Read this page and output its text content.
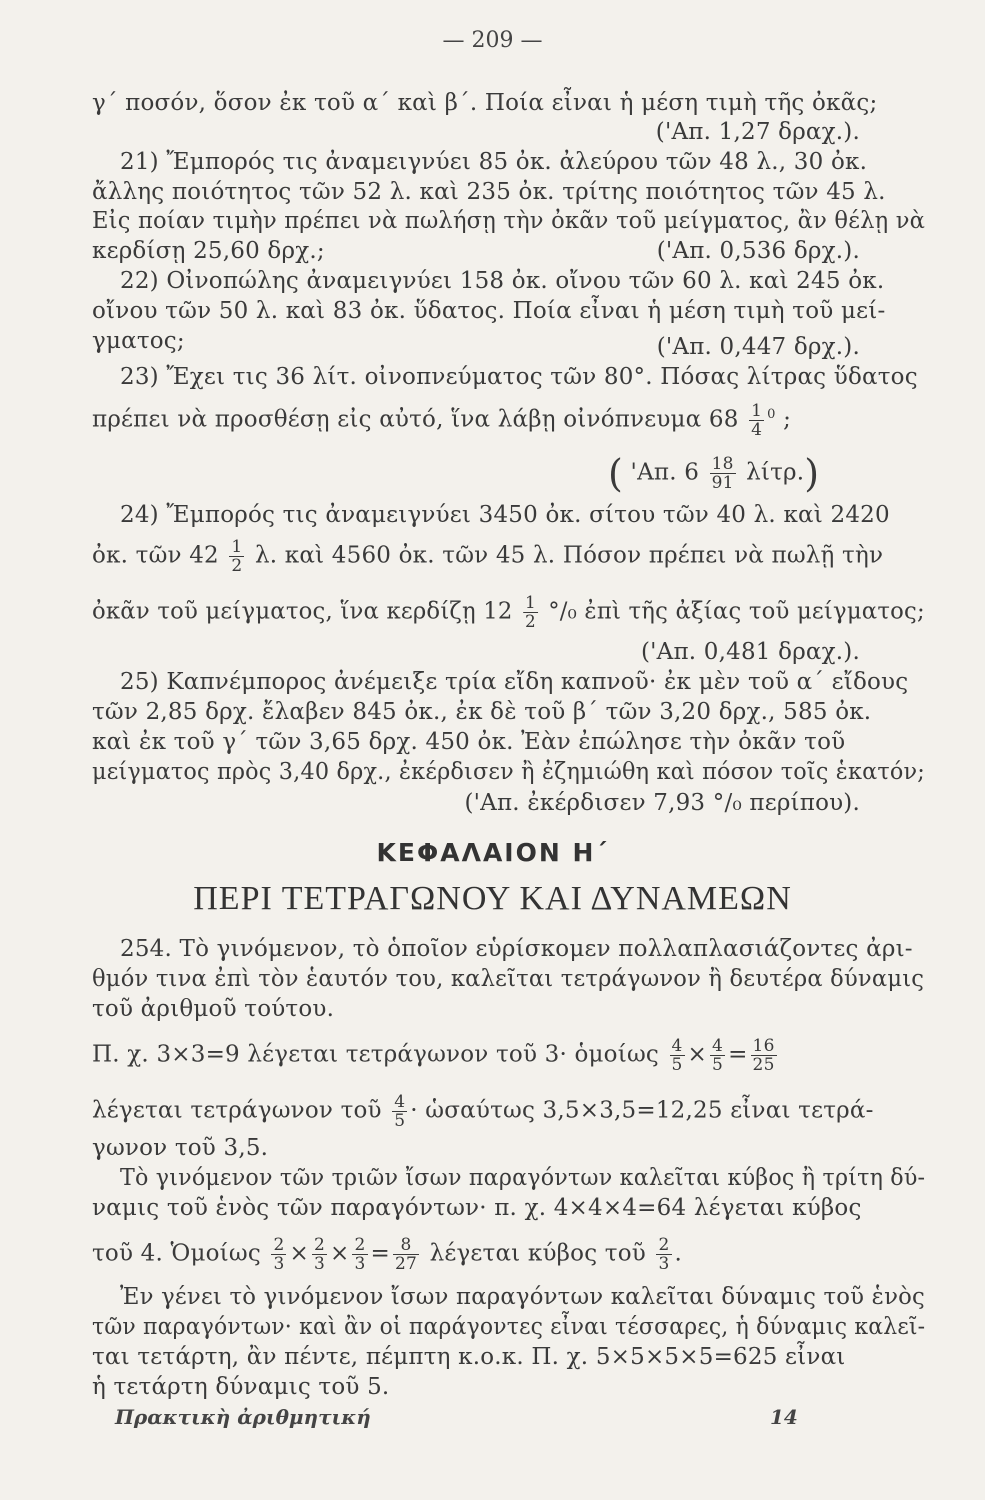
— 209 —
γ΄ ποσόν, ὅσον ἐκ τοῦ α΄ καὶ β΄. Ποία εἶναι ἡ μέση τιμὴ τῆς ὀκᾶς;
('Απ. 1,27 δραχ.).
21) Ἔμπορός τις ἀναμειγνύει 85 ὀκ. ἀλεύρου τῶν 48 λ., 30 ὀκ.
ἄλλης ποιότητος τῶν 52 λ. καὶ 235 ὀκ. τρίτης ποιότητος τῶν 45 λ.
Εἰς ποίαν τιμὴν πρέπει νὰ πωλήσῃ τὴν ὀκᾶν τοῦ μείγματος, ἂν θέλῃ νὰ
κερδίσῃ 25,60 δρχ.;	('Απ. 0,536 δρχ.).
22) Οἰνοπώλης ἀναμειγνύει 158 ὀκ. οἴνου τῶν 60 λ. καὶ 245 ὀκ.
οἴνου τῶν 50 λ. καὶ 83 ὀκ. ὕδατος. Ποία εἶναι ἡ μέση τιμὴ τοῦ μεί-
γματος;	('Απ. 0,447 δρχ.).
23) Ἔχει τις 36 λίτ. οἰνοπνεύματος τῶν 80°. Πόσας λίτρας ὕδατος
πρέπει νὰ προσθέσῃ εἰς αὐτό, ἵνα λάβῃ οἰνόπνευμα $68 \frac{1}{4} ^0$ ;
( 'Απ. $6 \frac{18}{91} \lambda ί\tau\rho$.)
24) Ἔμπορός τις ἀναμειγνύει 3450 ὀκ. σίτου τῶν 40 λ. καὶ 2420
ὀκ. τῶν $42 \frac{1}{2} \lambda$. καὶ 4560 ὀκ. τῶν 45 λ. Πόσον πρέπει νὰ πωλῇ τὴν
ὀκᾶν τοῦ μείγματος, ἵνα κερδίζῃ $12 \frac{1}{2} ^\circ/_0$ ἐπὶ τῆς ἀξίας τοῦ μείγματος;
('Απ. 0,481 δραχ.).
25) Καπνέμπορος ἀνέμειξε τρία εἴδη καπνοῦ· ἐκ μὲν τοῦ α΄ εἴδους
τῶν 2,85 δρχ. ἔλαβεν 845 ὀκ., ἐκ δὲ τοῦ β΄ τῶν 3,20 δρχ., 585 ὀκ.
καὶ ἐκ τοῦ γ΄ τῶν 3,65 δρχ. 450 ὀκ. Ἐὰν ἐπώλησε τὴν ὀκᾶν τοῦ
μείγματος πρὸς 3,40 δρχ., ἐκέρδισεν ἢ ἐζημιώθη καὶ πόσον τοῖς ἑκατόν;
('Απ. ἐκέρδισεν 7,93 °/₀ περίπου).
ΚΕΦΑΛΑΙΟΝ Η΄
ΠΕΡΙ ΤΕΤΡΑΓΩΝΟΥ ΚΑΙ ΔΥΝΑΜΕΩΝ
254. Τὸ γινόμενον, τὸ ὁποῖον εὑρίσκομεν πολλαπλασιάζοντες ἀρι-
θμόν τινα ἐπὶ τὸν ἑαυτόν του, καλεῖται τετράγωνον ἢ δευτέρα δύναμις
τοῦ ἀριθμοῦ τούτου.
Π. χ. 3×3=9 λέγεται τετράγωνον τοῦ 3· ὁμοίως $\frac{4}{5} \times \frac{4}{5} = \frac{16}{25}$
λέγεται τετράγωνον τοῦ $\frac{4}{5}$ · ὡσαύτως 3,5×3,5=12,25 εἶναι τετρά-
γωνον τοῦ 3,5.
Τὸ γινόμενον τῶν τριῶν ἴσων παραγόντων καλεῖται κύβος ἢ τρίτη δύ-
ναμις τοῦ ἑνὸς τῶν παραγόντων· π. χ. 4×4×4=64 λέγεται κύβος
τοῦ 4. Ὁμοίως $\frac{2}{3} \times \frac{2}{3} \times \frac{2}{3} = \frac{8}{27}$ λέγεται κύβος τοῦ $\frac{2}{3}$ .
Ἐν γένει τὸ γινόμενον ἴσων παραγόντων καλεῖται δύναμις τοῦ ἑνὸς
τῶν παραγόντων· καὶ ἂν οἱ παράγοντες εἶναι τέσσαρες, ἡ δύναμις καλεῖ-
ται τετάρτη, ἂν πέντε, πέμπτη κ.ο.κ. Π. χ. 5×5×5×5=625 εἶναι
ἡ τετάρτη δύναμις τοῦ 5.
Πρακτικὴ ἀριθμητική	14
